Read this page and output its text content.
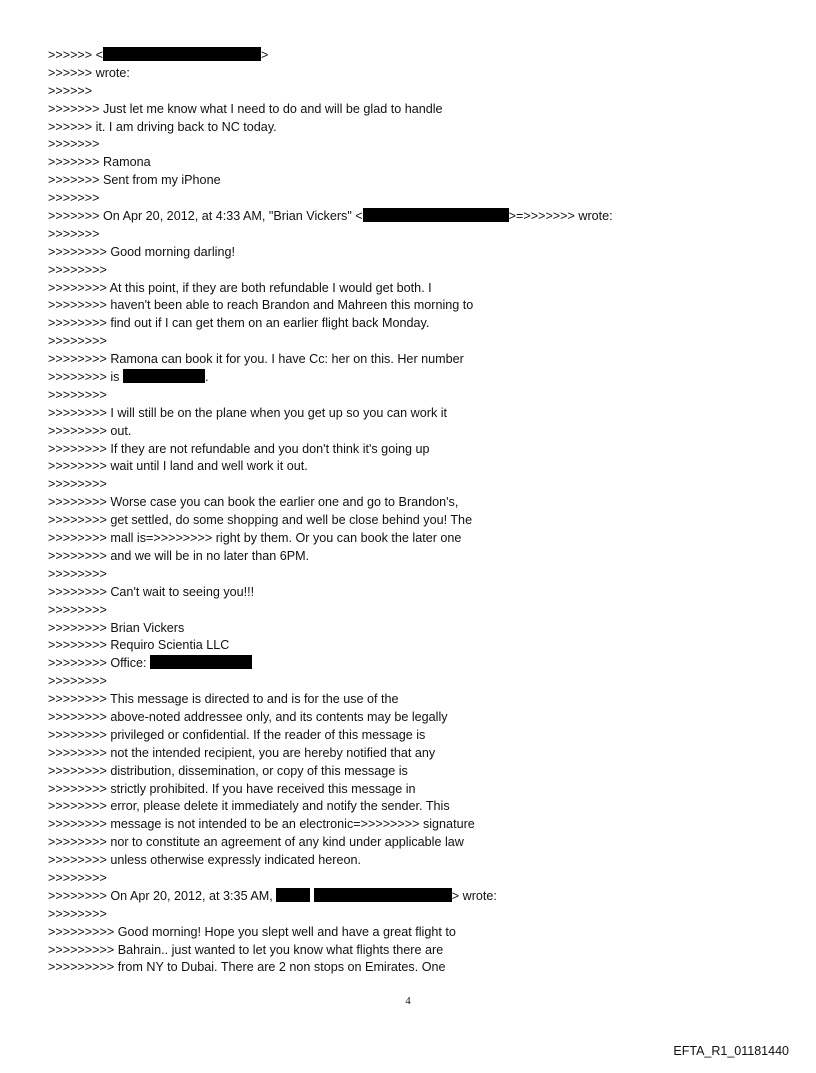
>>>>>> <	>
>>>>>> wrote:
>>>>>>
>>>>>>> Just let me know what I need to do and will be glad to handle
>>>>>> it. I am driving back to NC today.
>>>>>>>
>>>>>>> Ramona
>>>>>>> Sent from my iPhone
>>>>>>>
>>>>>>> On Apr 20, 2012, at 4:33 AM, "Brian Vickers" <	>=>>>>>>> wrote:
>>>>>>>
>>>>>>>> Good morning darling!
>>>>>>>>
>>>>>>>> At this point, if they are both refundable I would get both. I
>>>>>>>> haven't been able to reach Brandon and Mahreen this morning to
>>>>>>>> find out if I can get them on an earlier flight back Monday.
>>>>>>>>
>>>>>>>> Ramona can book it for you. I have Cc: her on this. Her number
>>>>>>>> is	.
>>>>>>>>
>>>>>>>> I will still be on the plane when you get up so you can work it
>>>>>>>> out.
>>>>>>>> If they are not refundable and you don't think it's going up
>>>>>>>> wait until I land and well work it out.
>>>>>>>>
>>>>>>>> Worse case you can book the earlier one and go to Brandon's,
>>>>>>>> get settled, do some shopping and well be close behind you! The
>>>>>>>> mall is=>>>>>>>> right by them. Or you can book the later one
>>>>>>>> and we will be in no later than 6PM.
>>>>>>>>
>>>>>>>> Can't wait to seeing you!!!
>>>>>>>>
>>>>>>>> Brian Vickers
>>>>>>>> Requiro Scientia LLC
>>>>>>>> Office:
>>>>>>>>
>>>>>>>> This message is directed to and is for the use of the
>>>>>>>> above-noted addressee only, and its contents may be legally
>>>>>>>> privileged or confidential. If the reader of this message is
>>>>>>>> not the intended recipient, you are hereby notified that any
>>>>>>>> distribution, dissemination, or copy of this message is
>>>>>>>> strictly prohibited. If you have received this message in
>>>>>>>> error, please delete it immediately and notify the sender. This
>>>>>>>> message is not intended to be an electronic=>>>>>>>> signature
>>>>>>>> nor to constitute an agreement of any kind under applicable law
>>>>>>>> unless otherwise expressly indicated hereon.
>>>>>>>>
>>>>>>>> On Apr 20, 2012, at 3:35 AM,	> wrote:
>>>>>>>>
>>>>>>>>> Good morning! Hope you slept well and have a great flight to
>>>>>>>>> Bahrain.. just wanted to let you know what flights there are
>>>>>>>>> from NY to Dubai. There are 2 non stops on Emirates. One
4
EFTA_R1_01181440
